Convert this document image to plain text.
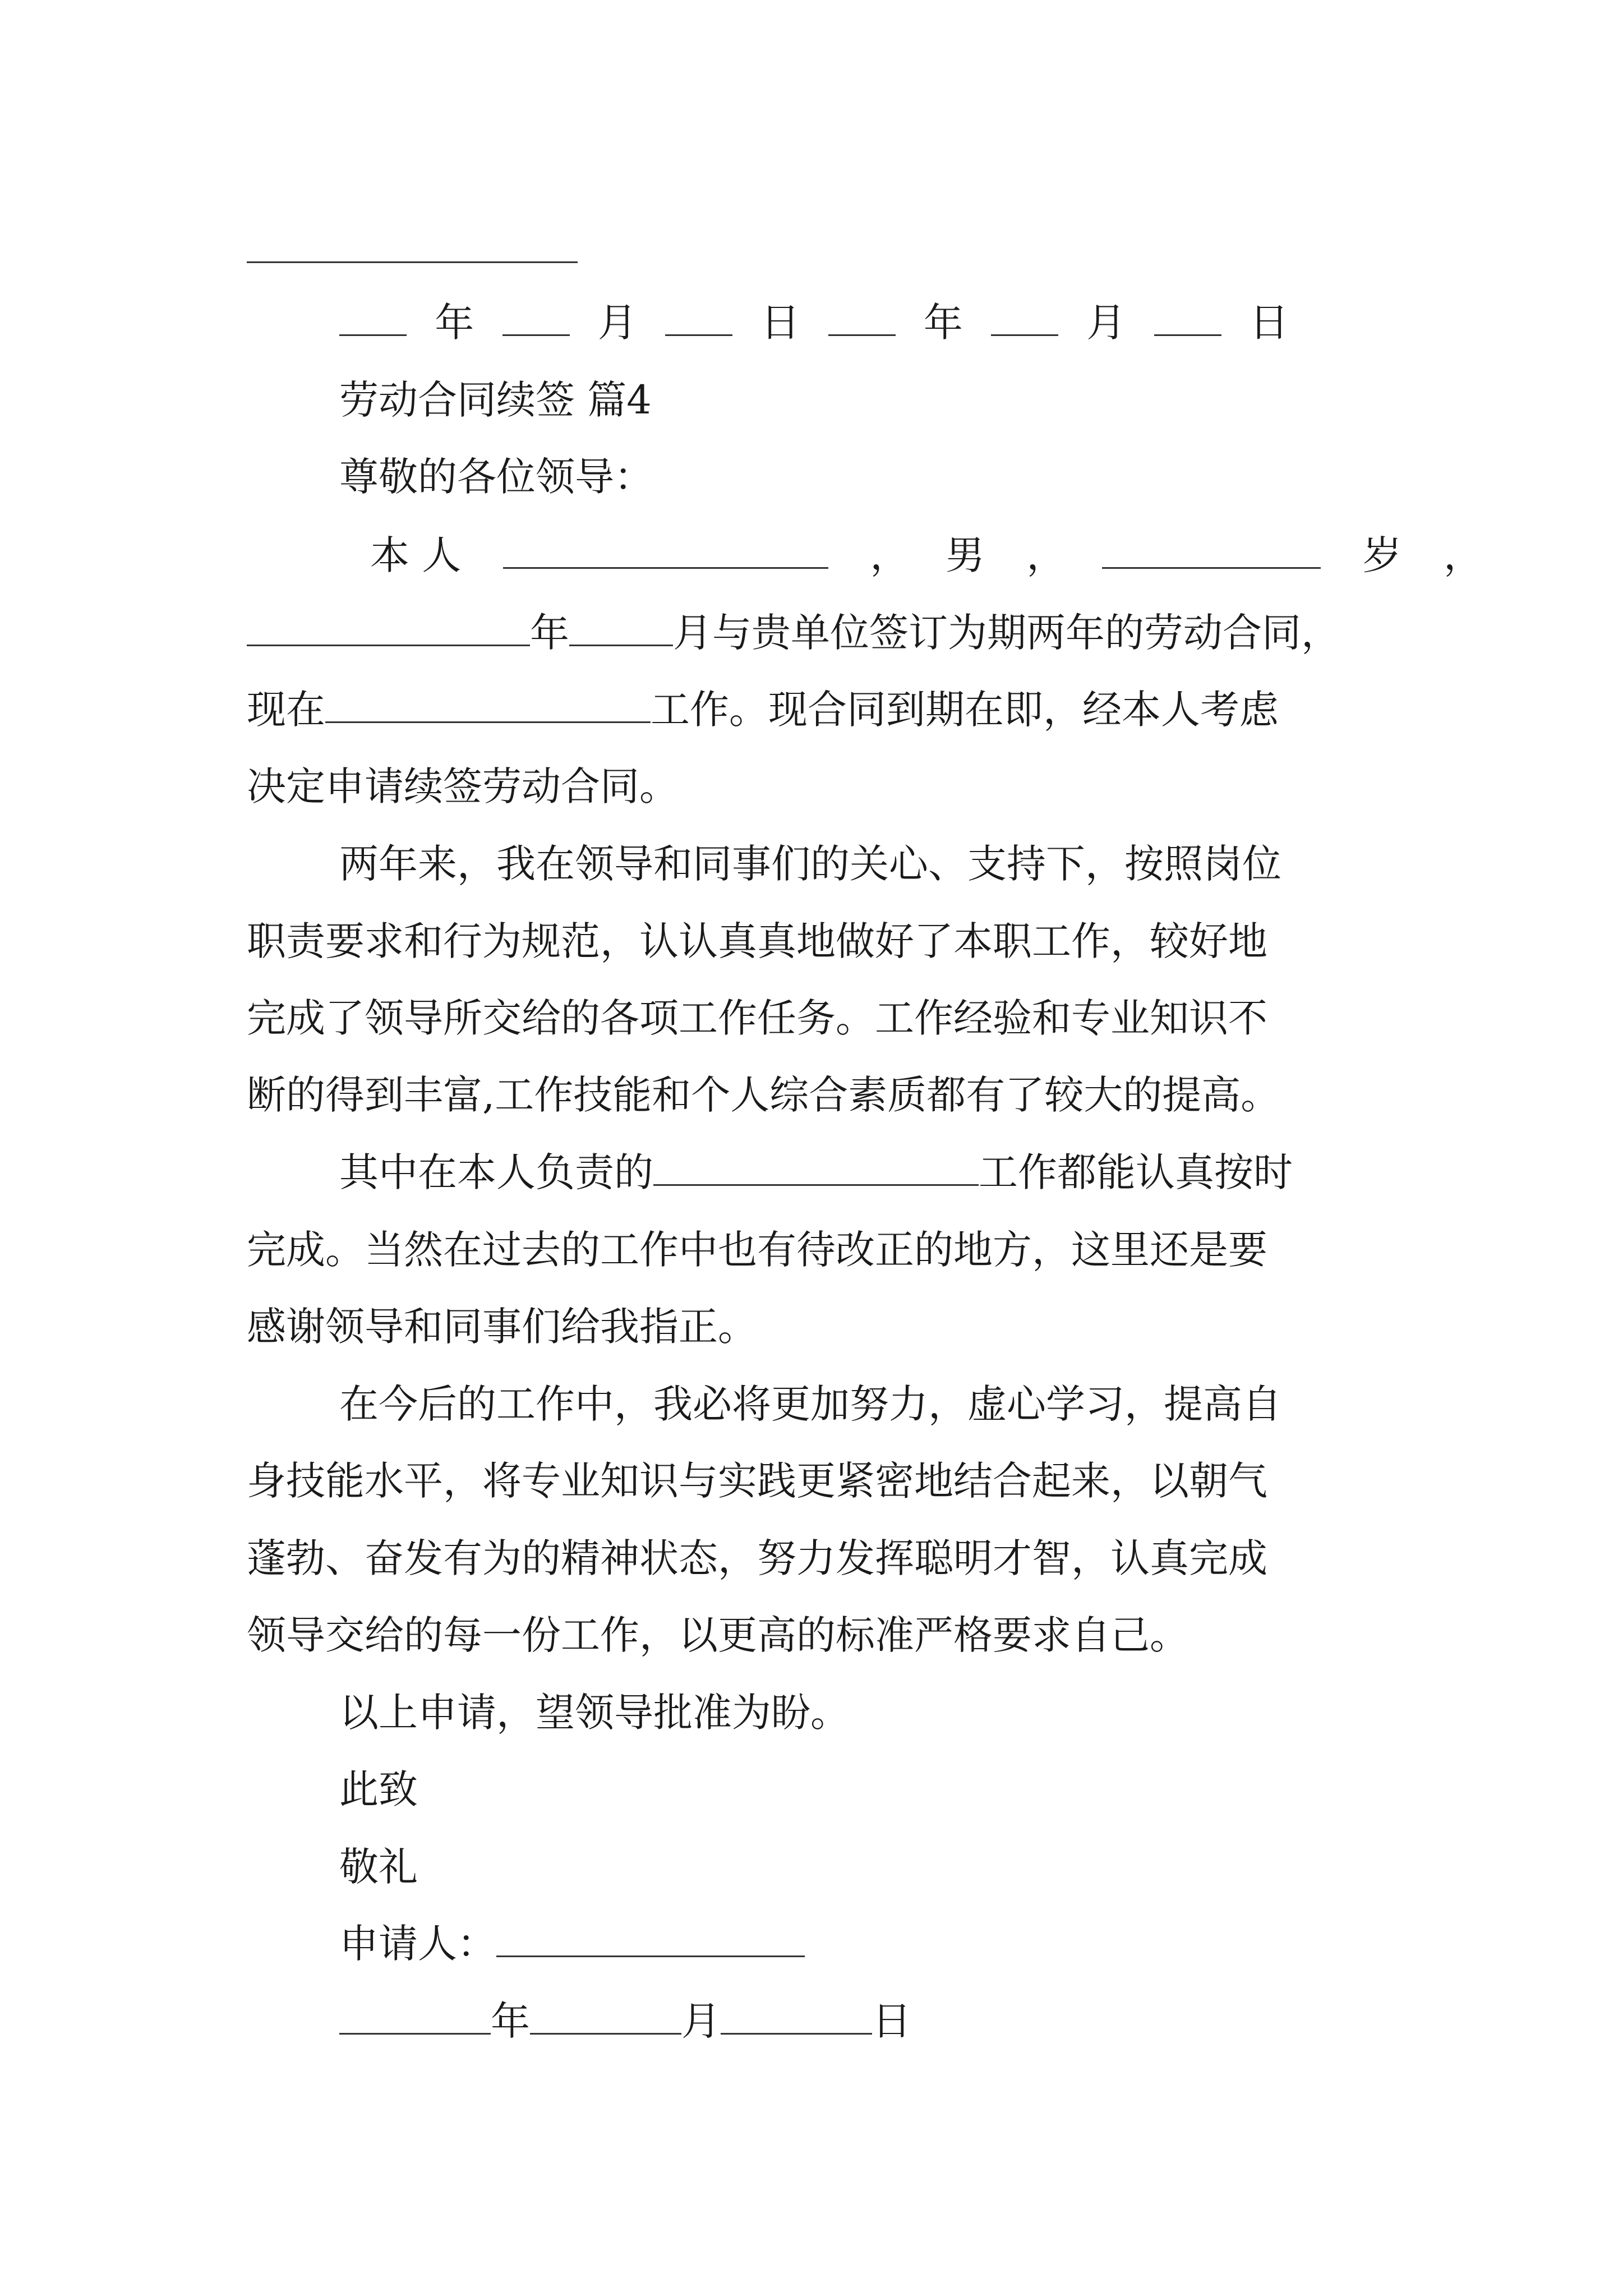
年	月	日	年	月	日
劳动合同续签 篇4
尊敬的各位领导：
本 人	， 男 ，	岁 ，
年	月与贵单位签订为期两年的劳动合同，
现在	工作。现合同到期在即，经本人考虑
决定申请续签劳动合同。
两年来，我在领导和同事们的关心、支持下，按照岗位
职责要求和行为规范，认认真真地做好了本职工作，较好地
完成了领导所交给的各项工作任务。工作经验和专业知识不
断的得到丰富,工作技能和个人综合素质都有了较大的提高。
其中在本人负责的	工作都能认真按时
完成。当然在过去的工作中也有待改正的地方，这里还是要
感谢领导和同事们给我指正。
在今后的工作中，我必将更加努力，虚心学习，提高自
身技能水平，将专业知识与实践更紧密地结合起来，以朝气
蓬勃、奋发有为的精神状态，努力发挥聪明才智，认真完成
领导交给的每一份工作，以更高的标准严格要求自己。
以上申请，望领导批准为盼。
此致
敬礼
申请人：
年	月	日
